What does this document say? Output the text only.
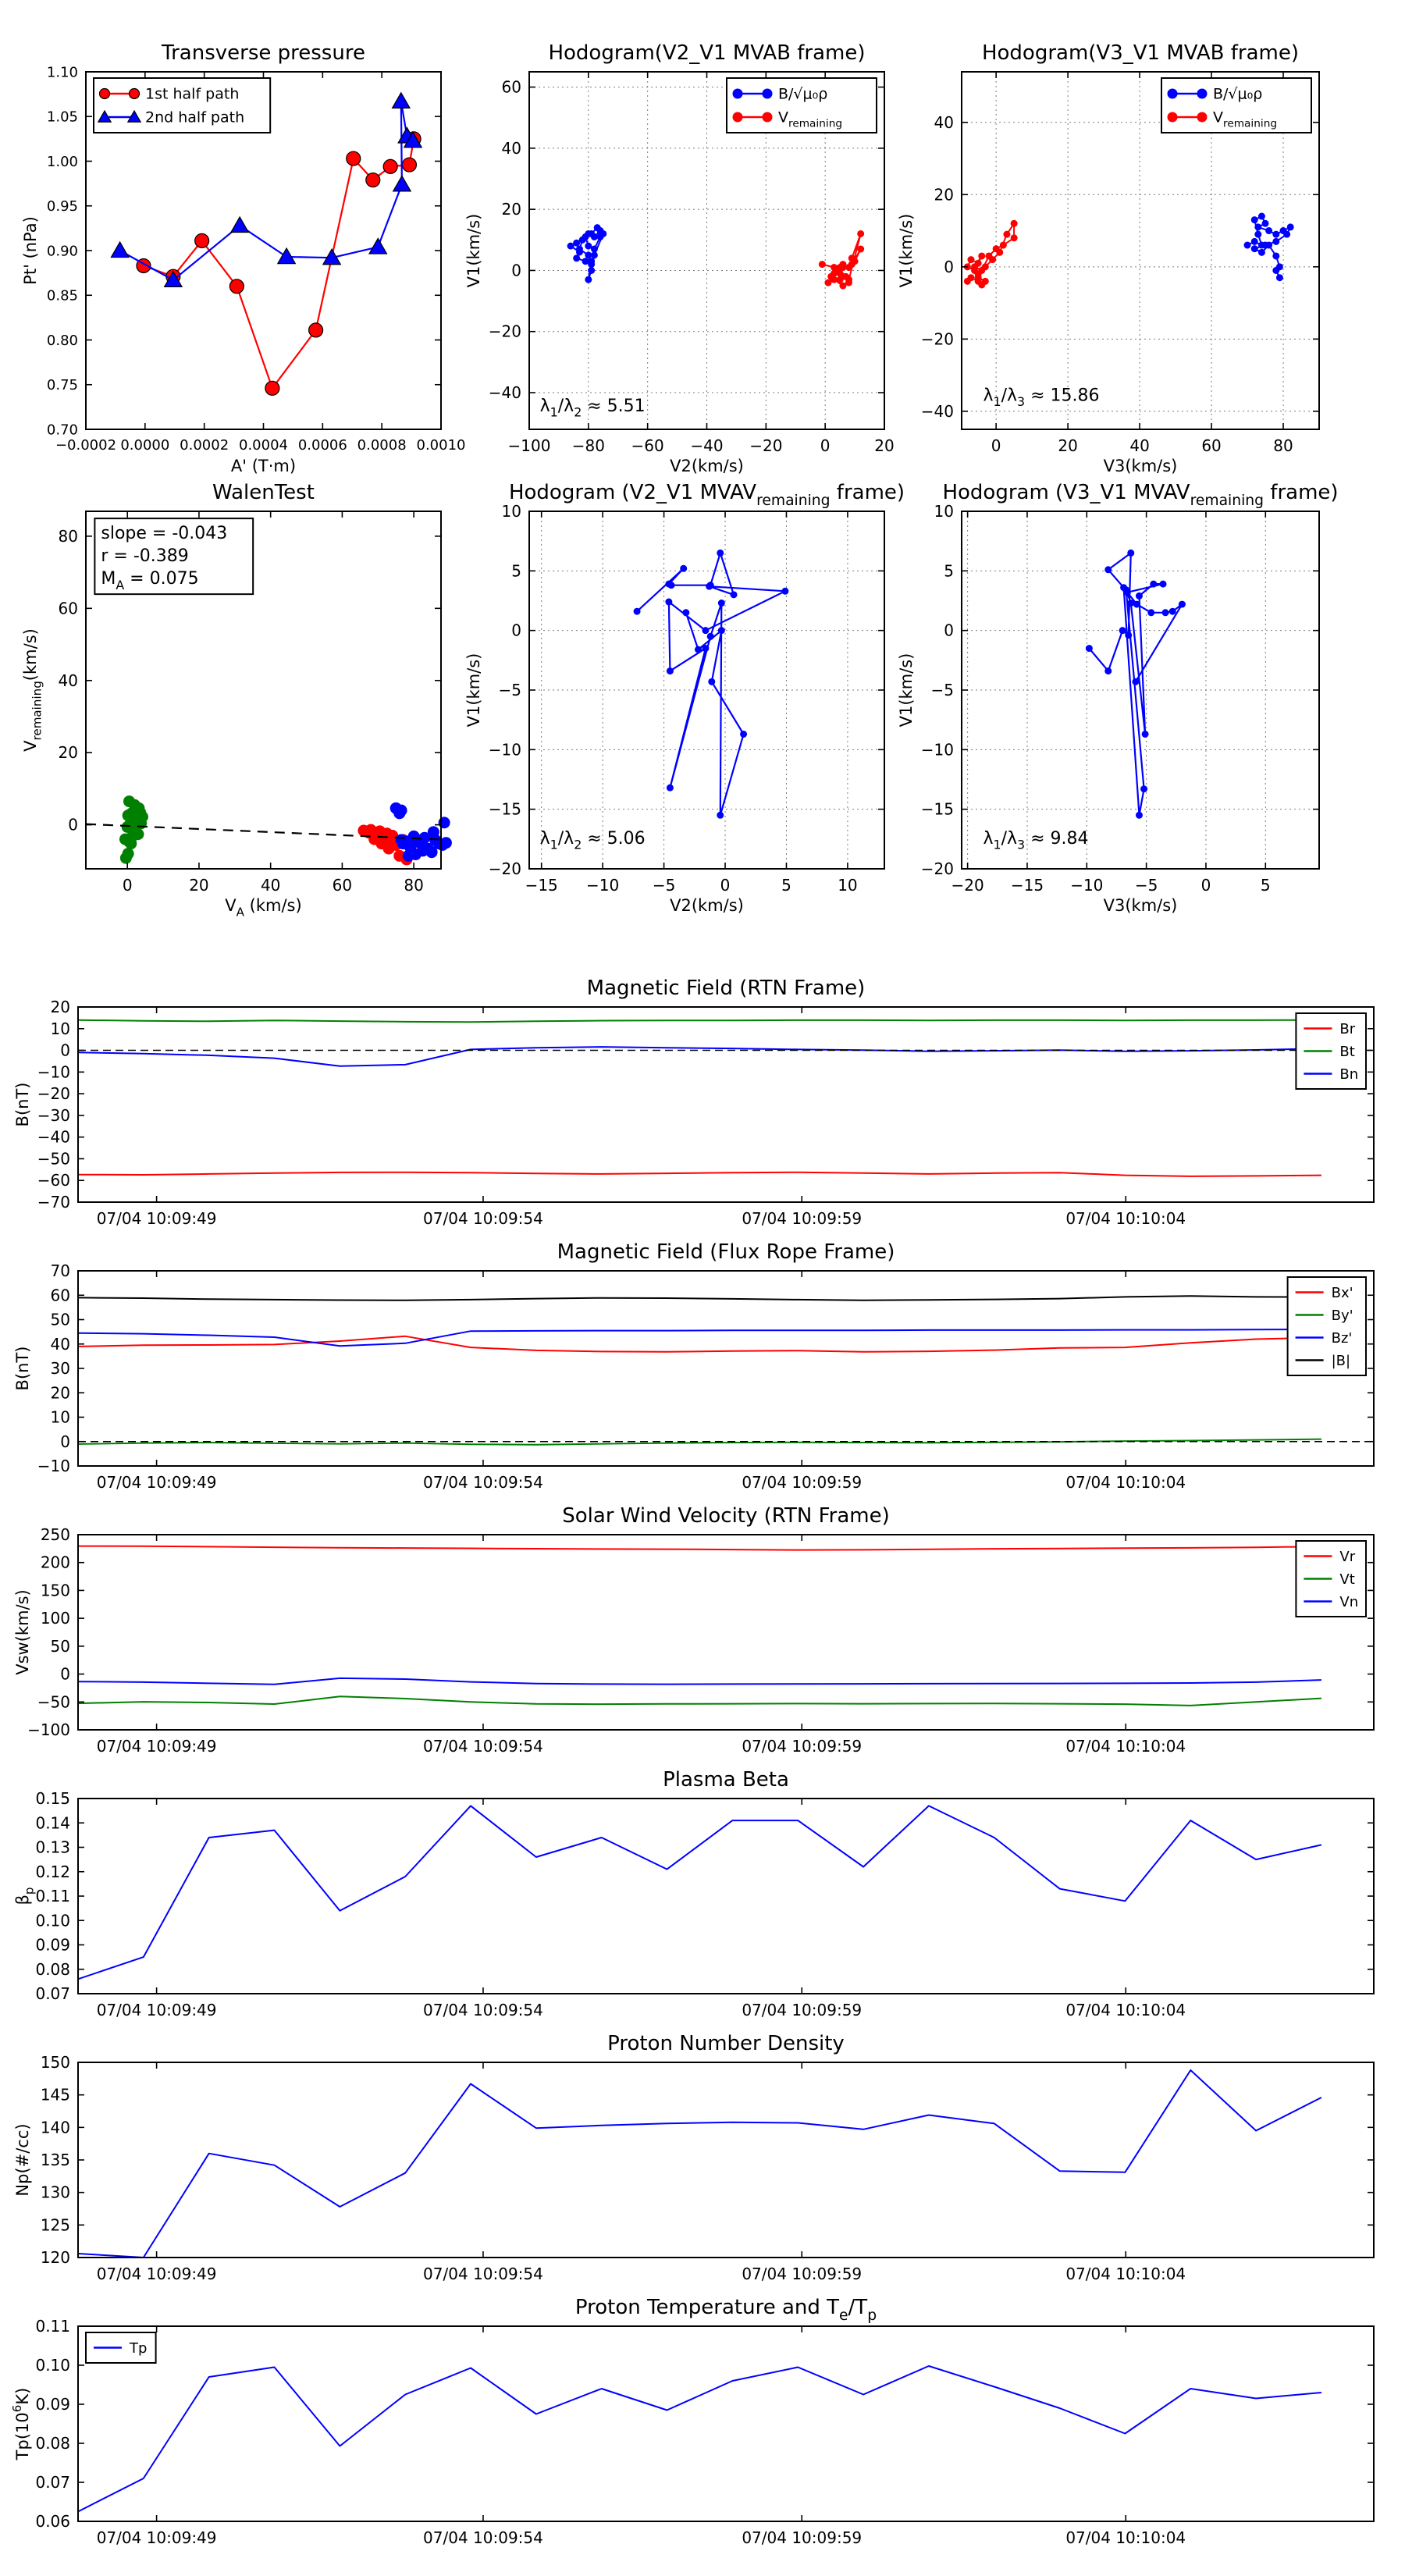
−0.0002 0.0000 0.0002 0.0004 0.0006 0.0008 0.0010
0.70
0.75
0.80
0.85
0.90
0.95
1.00
1.05
1.10
Transverse pressure
A' (T·m)
Pt' (nPa)
1st half path
2nd half path
−100 −80 −60 −40 −20 0	20
−40
−20
0
20
40
60
Hodogram(V2_V1 MVAB frame)
V2(km/s)
V1(km/s)
B/√μ₀ρ
$V_{remaining}$
$\lambda_1/\lambda_2 \approx 5.51$
0	20	40	60	80
−40
−20
0
20
40
Hodogram(V3_V1 MVAB frame)
V3(km/s)
V1(km/s)
B/√μ₀ρ
$V_{remaining}$
$\lambda_1/\lambda_3 \approx 15.86$
0	20	40	60	80
0
20
40
60
80
WalenTest
$V_A$ (km/s)
$V_{remaining}(km/s)$
slope = -0.043
r = -0.389
$M_A = 0.075$
−15 −10 −5	0	5	10
−20
−15
−10
−5
0
5
10
Hodogram (V2_V1 $MVAV_{remaining}$ frame)
V2(km/s)
V1(km/s)
$\lambda_1/\lambda_2 \approx 5.06$
−20 −15 −10 −5	0	5
−20
−15
−10
−5
0
5
10
Hodogram (V3_V1 $MVAV_{remaining}$ frame)
V3(km/s)
V1(km/s)
$\lambda_1/\lambda_3 \approx 9.84$
07/04 10:09:49	07/04 10:09:54	07/04 10:09:59	07/04 10:10:04
−70
−60
−50
−40
−30
−20
−10
0
10
20
Magnetic Field (RTN Frame)
B(nT)
Br
Bt
Bn
07/04 10:09:49	07/04 10:09:54	07/04 10:09:59	07/04 10:10:04
−10
0
10
20
30
40
50
60
70
Magnetic Field (Flux Rope Frame)
B(nT)
Bx'
By'
Bz'
|B|
07/04 10:09:49	07/04 10:09:54	07/04 10:09:59	07/04 10:10:04
−100
−50
0
50
100
150
200
250
Solar Wind Velocity (RTN Frame)
Vsw(km/s)
Vr
Vt
Vn
07/04 10:09:49	07/04 10:09:54	07/04 10:09:59	07/04 10:10:04
0.07
0.08
0.09
0.10
0.11
0.12
0.13
0.14
0.15
Plasma Beta
$\beta_p$
07/04 10:09:49	07/04 10:09:54	07/04 10:09:59	07/04 10:10:04
120
125
130
135
140
145
150
Proton Number Density
Np(#/cc)
07/04 10:09:49	07/04 10:09:54	07/04 10:09:59	07/04 10:10:04
0.06
0.07
0.08
0.09
0.10
0.11
Proton Temperature and $T_e/T_p$
$Tp(10^6K)$
Tp
